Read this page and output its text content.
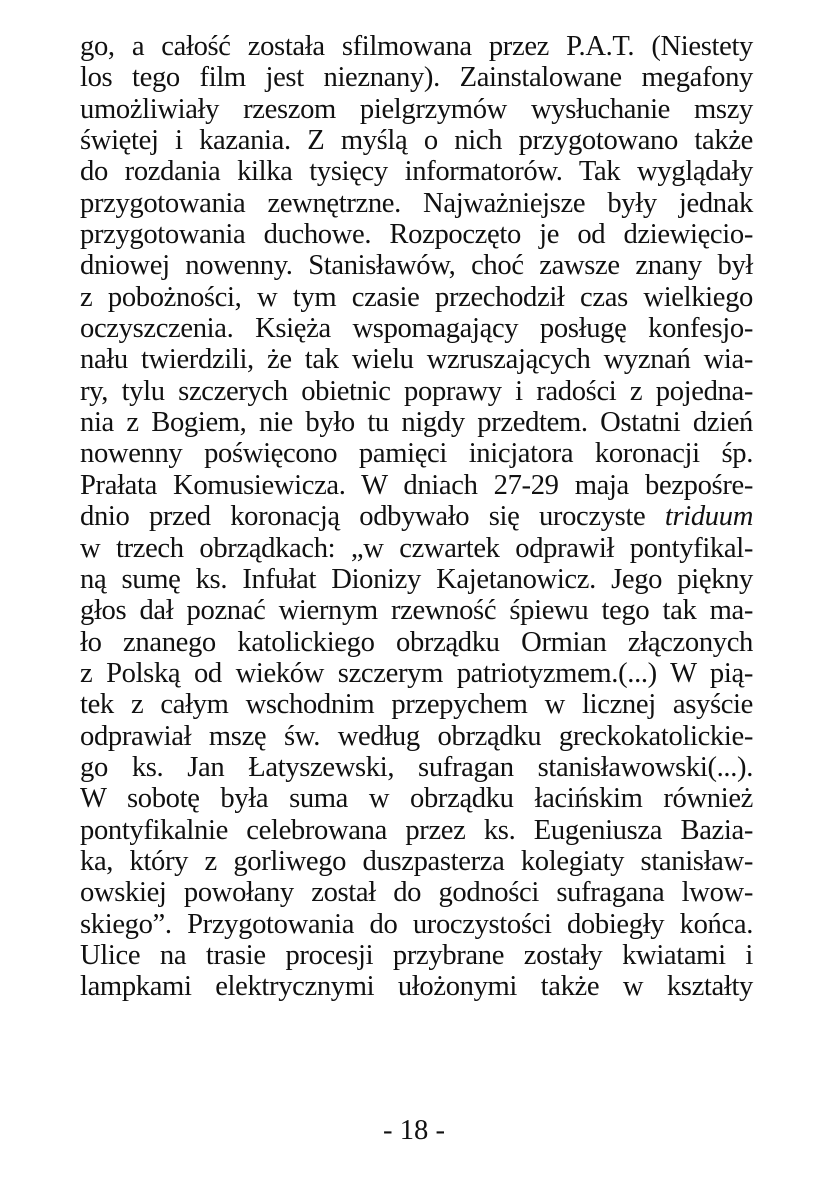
go, a całość została sfilmowana przez P.A.T. (Niestety
los tego film jest nieznany). Zainstalowane megafony
umożliwiały rzeszom pielgrzymów wysłuchanie mszy
świętej i kazania. Z myślą o nich przygotowano także
do rozdania kilka tysięcy informatorów. Tak wyglądały
przygotowania zewnętrzne. Najważniejsze były jednak
przygotowania duchowe. Rozpoczęto je od dziewięcio-
dniowej nowenny. Stanisławów, choć zawsze znany był
z pobożności, w tym czasie przechodził czas wielkiego
oczyszczenia. Księża wspomagający posługę konfesjo-
nału twierdzili, że tak wielu wzruszających wyznań wia-
ry, tylu szczerych obietnic poprawy i radości z pojedna-
nia z Bogiem, nie było tu nigdy przedtem. Ostatni dzień
nowenny poświęcono pamięci inicjatora koronacji śp.
Prałata Komusiewicza. W dniach 27-29 maja bezpośre-
dnio przed koronacją odbywało się uroczyste triduum
w trzech obrządkach: „w czwartek odprawił pontyfikal-
ną sumę ks. Infułat Dionizy Kajetanowicz. Jego piękny
głos dał poznać wiernym rzewność śpiewu tego tak ma-
ło znanego katolickiego obrządku Ormian złączonych
z Polską od wieków szczerym patriotyzmem.(...) W pią-
tek z całym wschodnim przepychem w licznej asyście
odprawiał mszę św. według obrządku greckokatolickie-
go ks. Jan Łatyszewski, sufragan stanisławowski(...).
W sobotę była suma w obrządku łacińskim również
pontyfikalnie celebrowana przez ks. Eugeniusza Bazia-
ka, który z gorliwego duszpasterza kolegiaty stanisław-
owskiej powołany został do godności sufragana lwow-
skiego”. Przygotowania do uroczystości dobiegły końca.
Ulice na trasie procesji przybrane zostały kwiatami i
lampkami elektrycznymi ułożonymi także w kształty
- 18 -
